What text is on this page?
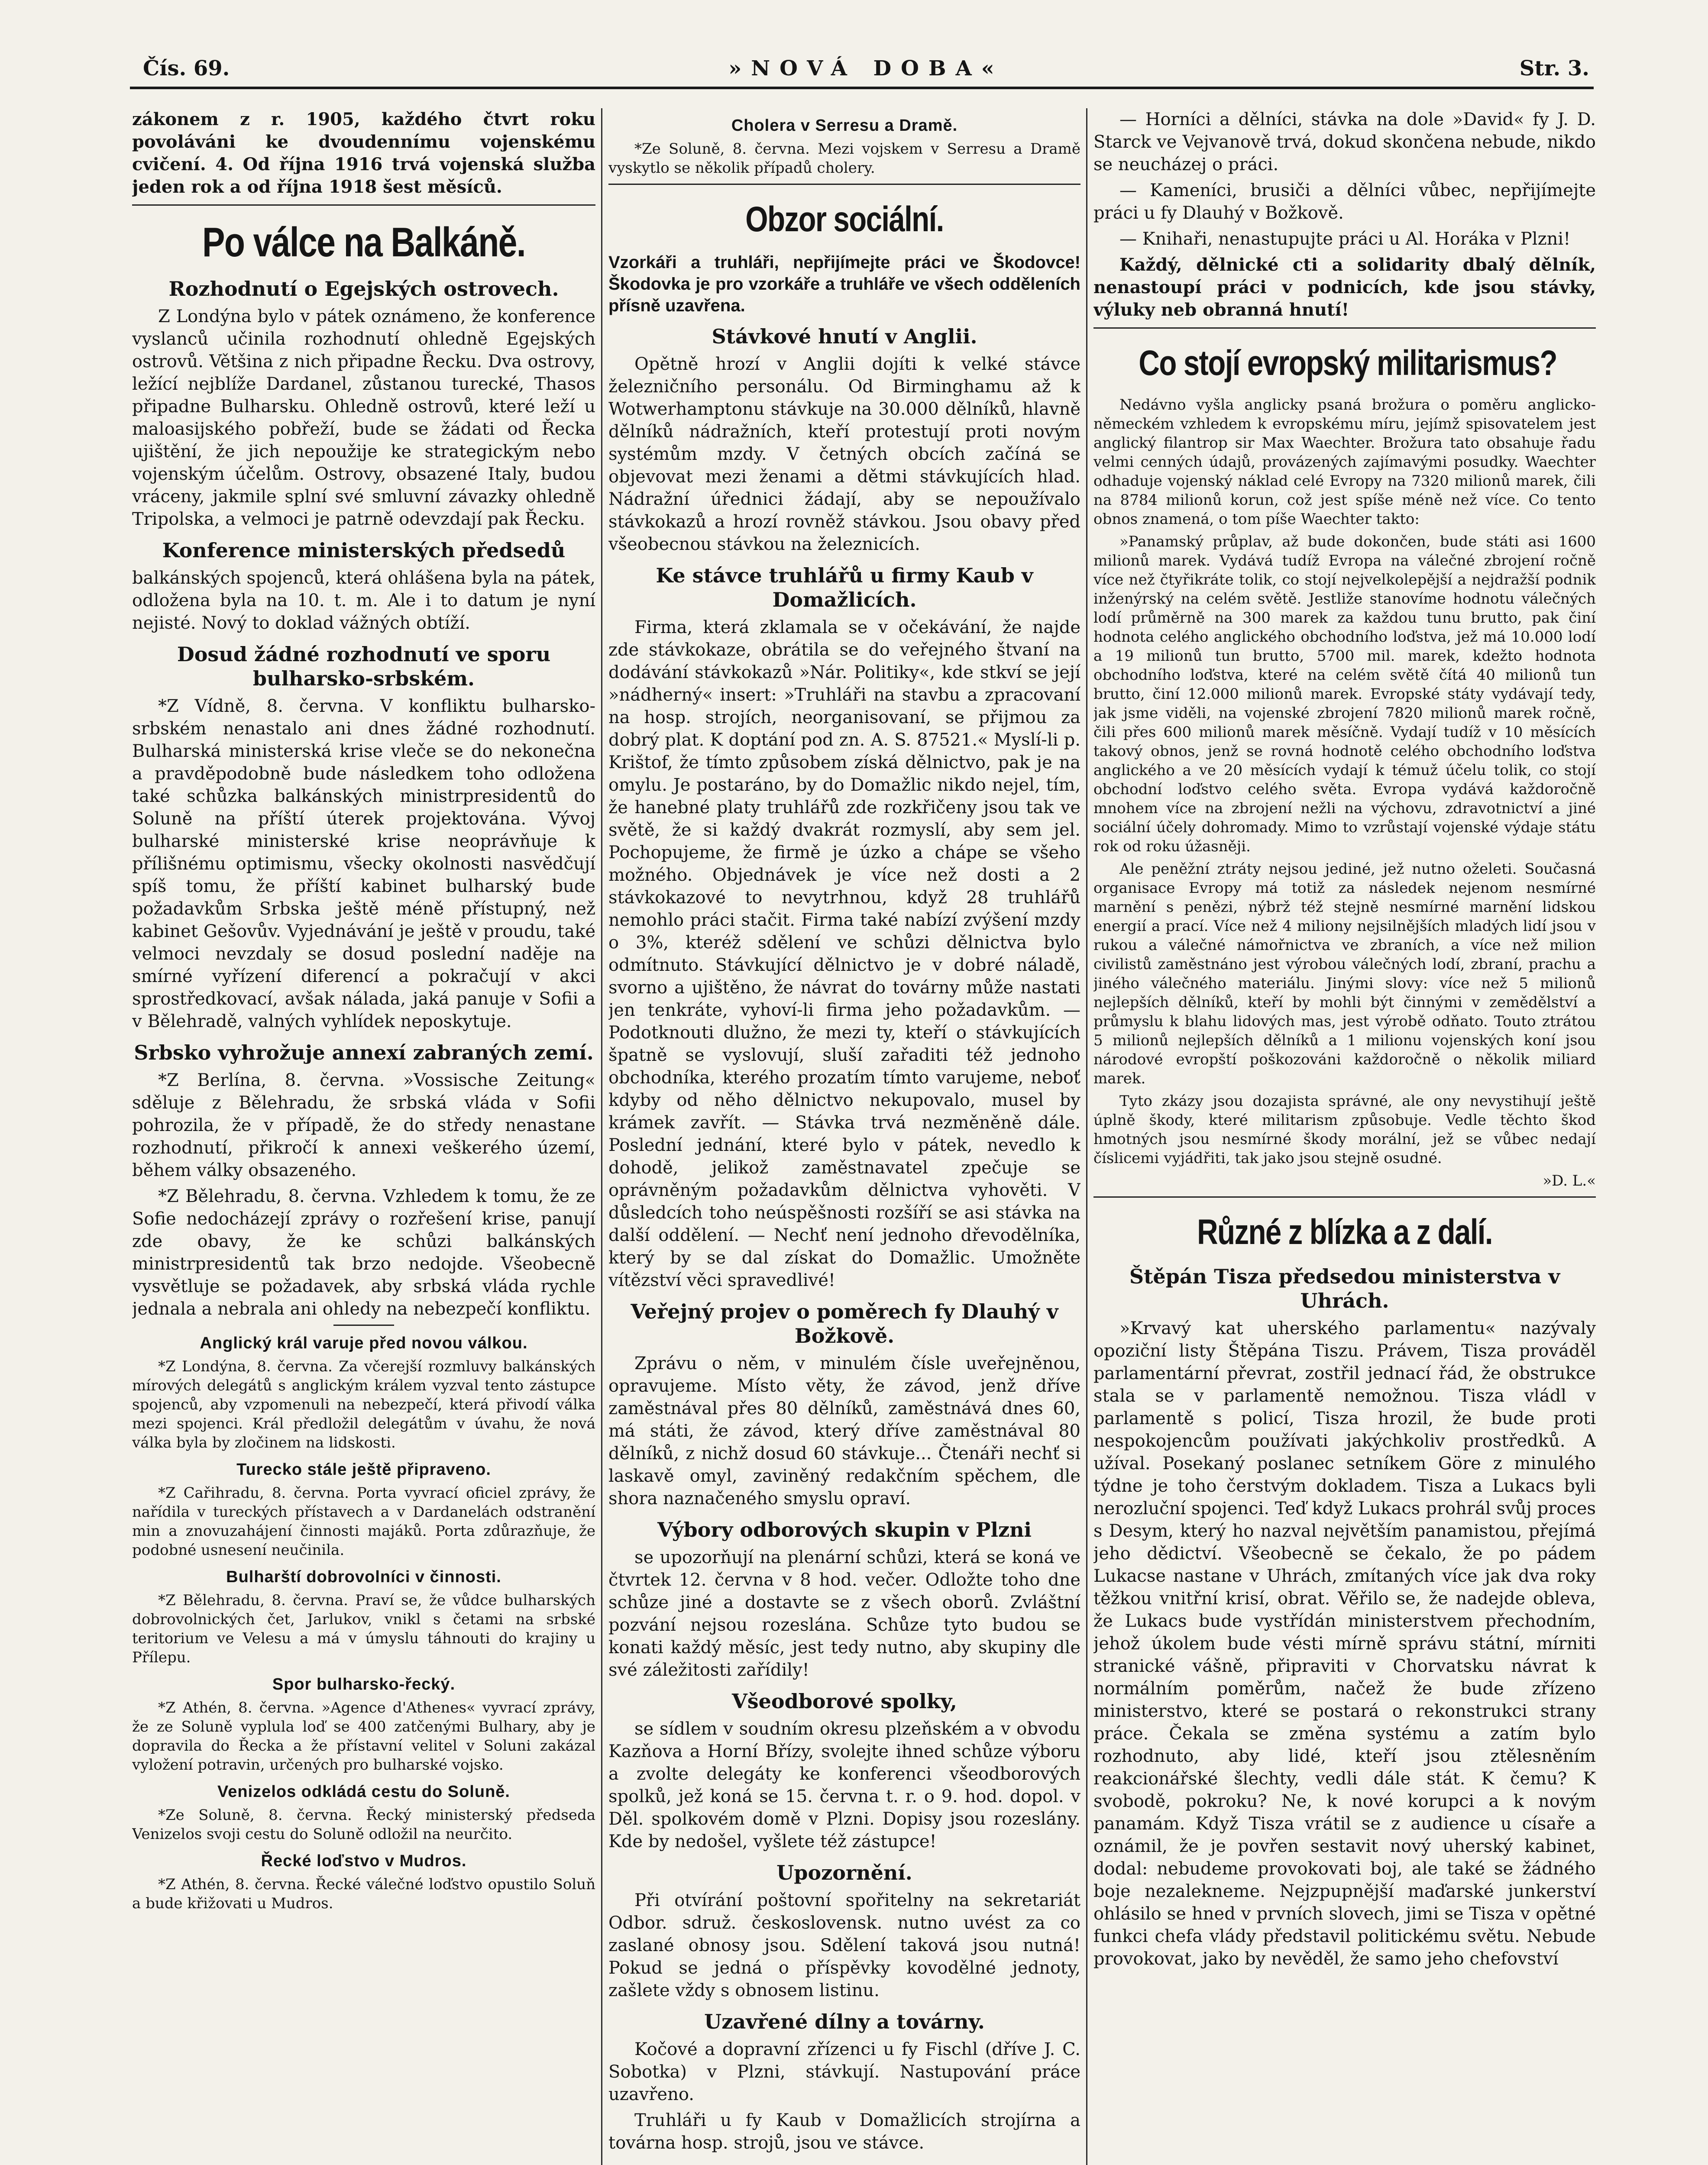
Čís. 69.	»NOVÁ DOBA«	Str. 3.

zákonem z r. 1905, každého čtvrt roku povoláváni ke dvoudennímu vojenskému cvičení. 4. Od října 1916 trvá vojenská služba jeden rok a od října 1918 šest měsíců.

Po válce na Balkáně.
Rozhodnutí o Egejských ostrovech.

Z Londýna bylo v pátek oznámeno, že konference vyslanců učinila rozhodnutí ohledně Egejských ostrovů. Většina z nich připadne Řecku. Dva ostrovy, ležící nejblíže Dardanel, zůstanou turecké, Thasos připadne Bulharsku. Ohledně ostrovů, které leží u maloasijského pobřeží, bude se žádati od Řecka ujištění, že jich nepoužije ke strategickým nebo vojenským účelům. Ostrovy, obsazené Italy, budou vráceny, jakmile splní své smluvní závazky ohledně Tripolska, a velmoci je patrně odevzdají pak Řecku.

Konference ministerských předsedů

balkánských spojenců, která ohlášena byla na pátek, odložena byla na 10. t. m. Ale i to datum je nyní nejisté. Nový to doklad vážných obtíží.

Dosud žádné rozhodnutí ve sporu bulharsko-srbském.

*Z Vídně, 8. června. V konfliktu bulharsko-srbském nenastalo ani dnes žádné rozhodnutí. Bulharská ministerská krise vleče se do nekonečna a pravděpodobně bude následkem toho odložena také schůzka balkánských ministrpresidentů do Soluně na příští úterek projektována. Vývoj bulharské ministerské krise neoprávňuje k přílišnému optimismu, všecky okolnosti nasvědčují spíš tomu, že příští kabinet bulharský bude požadavkům Srbska ještě méně přístupný, než kabinet Gešovův. Vyjednávání je ještě v proudu, také velmoci nevzdaly se dosud poslední naděje na smírné vyřízení diferencí a pokračují v akci sprostředkovací, avšak nálada, jaká panuje v Sofii a v Bělehradě, valných vyhlídek neposkytuje.

Srbsko vyhrožuje annexí zabraných zemí.

*Z Berlína, 8. června. »Vossische Zeitung« sděluje z Bělehradu, že srbská vláda v Sofii pohrozila, že v případě, že do středy nenastane rozhodnutí, přikročí k annexi veškerého území, během války obsazeného.

*Z Bělehradu, 8. června. Vzhledem k tomu, že ze Sofie nedocházejí zprávy o rozřešení krise, panují zde obavy, že ke schůzi balkánských ministrpresidentů tak brzo nedojde. Všeobecně vysvětluje se požadavek, aby srbská vláda rychle jednala a nebrala ani ohledy na nebezpečí konfliktu.

Anglický král varuje před novou válkou.

*Z Londýna, 8. června. Za včerejší rozmluvy balkánských mírových delegátů s anglickým králem vyzval tento zástupce spojenců, aby vzpomenuli na nebezpečí, která přivodí válka mezi spojenci. Král předložil delegátům v úvahu, že nová válka byla by zločinem na lidskosti.

Turecko stále ještě připraveno.

*Z Cařihradu, 8. června. Porta vyvrací oficiel zprávy, že nařídila v tureckých přístavech a v Dardanelách odstranění min a znovuzahájení činnosti majáků. Porta zdůrazňuje, že podobné usnesení neučinila.

Bulharští dobrovolníci v činnosti.

*Z Bělehradu, 8. června. Praví se, že vůdce bulharských dobrovolnických čet, Jarlukov, vnikl s četami na srbské teritorium ve Velesu a má v úmyslu táhnouti do krajiny u Přílepu.

Spor bulharsko-řecký.

*Z Athén, 8. června. »Agence d'Athenes« vyvrací zprávy, že ze Soluně vyplula loď se 400 zatčenými Bulhary, aby je dopravila do Řecka a že přístavní velitel v Soluni zakázal vyložení potravin, určených pro bulharské vojsko.

Venizelos odkládá cestu do Soluně.

*Ze Soluně, 8. června. Řecký ministerský předseda Venizelos svoji cestu do Soluně odložil na neurčito.

Řecké loďstvo v Mudros.

*Z Athén, 8. června. Řecké válečné loďstvo opustilo Soluň a bude křižovati u Mudros.

Cholera v Serresu a Dramě.

*Ze Soluně, 8. června. Mezi vojskem v Serresu a Dramě vyskytlo se několik případů cholery.

Obzor sociální.

Vzorkáři a truhláři, nepřijímejte práci ve Škodovce! Škodovka je pro vzorkáře a truhláře ve všech odděleních přísně uzavřena.

Stávkové hnutí v Anglii.

Opětně hrozí v Anglii dojíti k velké stávce železničního personálu. Od Birminghamu až k Wotwerhamptonu stávkuje na 30.000 dělníků, hlavně dělníků nádražních, kteří protestují proti novým systémům mzdy. V četných obcích začíná se objevovat mezi ženami a dětmi stávkujících hlad. Nádražní úřednici žádají, aby se nepoužívalo stávkokazů a hrozí rovněž stávkou. Jsou obavy před všeobecnou stávkou na železnicích.

Ke stávce truhlářů u firmy Kaub v Domažlicích.

Firma, která zklamala se v očekávání, že najde zde stávkokaze, obrátila se do veřejného štvaní na dodávání stávkokazů »Nár. Politiky«, kde stkví se její »nádherný« insert: »Truhláři na stavbu a zpracovaní na hosp. strojích, neorganisovaní, se přijmou za dobrý plat. K doptání pod zn. A. S. 87521.« Myslí-li p. Krištof, že tímto způsobem získá dělnictvo, pak je na omylu. Je postaráno, by do Domažlic nikdo nejel, tím, že hanebné platy truhlářů zde rozkřičeny jsou tak ve světě, že si každý dvakrát rozmyslí, aby sem jel. Pochopujeme, že firmě je úzko a chápe se všeho možného. Objednávek je více než dosti a 2 stávkokazové to nevytrhnou, když 28 truhlářů nemohlo práci stačit. Firma také nabízí zvýšení mzdy o 3%, kteréž sdělení ve schůzi dělnictva bylo odmítnuto. Stávkující dělnictvo je v dobré náladě, svorno a ujištěno, že návrat do továrny může nastati jen tenkráte, vyhoví-li firma jeho požadavkům. — Podotknouti dlužno, že mezi ty, kteří o stávkujících špatně se vyslovují, sluší zařaditi též jednoho obchodníka, kterého prozatím tímto varujeme, neboť kdyby od něho dělnictvo nekupovalo, musel by krámek zavřít. — Stávka trvá nezměněně dále. Poslední jednání, které bylo v pátek, nevedlo k dohodě, jelikož zaměstnavatel zpečuje se oprávněným požadavkům dělnictva vyhověti. V důsledcích toho neúspěšnosti rozšíří se asi stávka na další oddělení. — Nechť není jednoho dřevodělníka, který by se dal získat do Domažlic. Umožněte vítězství věci spravedlivé!

Veřejný projev o poměrech fy Dlauhý v Božkově.

Zprávu o něm, v minulém čísle uveřejněnou, opravujeme. Místo věty, že závod, jenž dříve zaměstnával přes 80 dělníků, zaměstnává dnes 60, má státi, že závod, který dříve zaměstnával 80 dělníků, z nichž dosud 60 stávkuje... Čtenáři nechť si laskavě omyl, zaviněný redakčním spěchem, dle shora naznačeného smyslu opraví.

Výbory odborových skupin v Plzni

se upozorňují na plenární schůzi, která se koná ve čtvrtek 12. června v 8 hod. večer. Odložte toho dne schůze jiné a dostavte se z všech oborů. Zvláštní pozvání nejsou rozeslána. Schůze tyto budou se konati každý měsíc, jest tedy nutno, aby skupiny dle své záležitosti zařídily!

Všeodborové spolky,

se sídlem v soudním okresu plzeňském a v obvodu Kazňova a Horní Břízy, svolejte ihned schůze výboru a zvolte delegáty ke konferenci všeodborových spolků, jež koná se 15. června t. r. o 9. hod. dopol. v Děl. spolkovém domě v Plzni. Dopisy jsou rozeslány. Kde by nedošel, vyšlete též zástupce!

Upozornění.

Při otvírání poštovní spořitelny na sekretariát Odbor. sdruž. československ. nutno uvést za co zaslané obnosy jsou. Sdělení taková jsou nutná! Pokud se jedná o příspěvky kovodělné jednoty, zašlete vždy s obnosem listinu.

Uzavřené dílny a továrny.

Kočové a dopravní zřízenci u fy Fischl (dříve J. C. Sobotka) v Plzni, stávkují. Nastupování práce uzavřeno.

Truhláři u fy Kaub v Domažlicích strojírna a továrna hosp. strojů, jsou ve stávce.

— Horníci a dělníci, stávka na dole »David« fy J. D. Starck ve Vejvanově trvá, dokud skončena nebude, nikdo se neucházej o práci.

— Kameníci, brusiči a dělníci vůbec, nepřijímejte práci u fy Dlauhý v Božkově.

— Knihaři, nenastupujte práci u Al. Horáka v Plzni!

Každý, dělnické cti a solidarity dbalý dělník, nenastoupí práci v podnicích, kde jsou stávky, výluky neb obranná hnutí!

Co stojí evropský militarismus?

Nedávno vyšla anglicky psaná brožura o poměru anglicko-německém vzhledem k evropskému míru, jejímž spisovatelem jest anglický filantrop sir Max Waechter. Brožura tato obsahuje řadu velmi cenných údajů, provázených zajímavými posudky. Waechter odhaduje vojenský náklad celé Evropy na 7320 milionů marek, čili na 8784 milionů korun, což jest spíše méně než více. Co tento obnos znamená, o tom píše Waechter takto:

»Panamský průplav, až bude dokončen, bude státi asi 1600 milionů marek. Vydává tudíž Evropa na válečné zbrojení ročně více než čtyřikráte tolik, co stojí nejvelkolepější a nejdražší podnik inženýrský na celém světě. Jestliže stanovíme hodnotu válečných lodí průměrně na 300 marek za každou tunu brutto, pak činí hodnota celého anglického obchodního loďstva, jež má 10.000 lodí a 19 milionů tun brutto, 5700 mil. marek, kdežto hodnota obchodního loďstva, které na celém světě čítá 40 milionů tun brutto, činí 12.000 milionů marek. Evropské státy vydávají tedy, jak jsme viděli, na vojenské zbrojení 7820 milionů marek ročně, čili přes 600 milionů marek měsíčně. Vydají tudíž v 10 měsících takový obnos, jenž se rovná hodnotě celého obchodního loďstva anglického a ve 20 měsících vydají k témuž účelu tolik, co stojí obchodní loďstvo celého světa. Evropa vydává každoročně mnohem více na zbrojení nežli na výchovu, zdravotnictví a jiné sociální účely dohromady. Mimo to vzrůstají vojenské výdaje státu rok od roku úžasněji.

Ale peněžní ztráty nejsou jediné, jež nutno oželeti. Současná organisace Evropy má totiž za následek nejenom nesmírné marnění s penězi, nýbrž též stejně nesmírné marnění lidskou energií a prací. Více než 4 miliony nejsilnějších mladých lidí jsou v rukou a válečné námořnictva ve zbraních, a více než milion civilistů zaměstnáno jest výrobou válečných lodí, zbraní, prachu a jiného válečného materiálu. Jinými slovy: více než 5 milionů nejlepších dělníků, kteří by mohli být činnými v zemědělství a průmyslu k blahu lidových mas, jest výrobě odňato. Touto ztrátou 5 milionů nejlepších dělníků a 1 milionu vojenských koní jsou národové evropští poškozováni každoročně o několik miliard marek.

Tyto zkázy jsou dozajista správné, ale ony nevystihují ještě úplně škody, které militarism způsobuje. Vedle těchto škod hmotných jsou nesmírné škody morální, jež se vůbec nedají číslicemi vyjádřiti, tak jako jsou stejně osudné.

»D. L.«
Různé z blízka a z dalí.
Štěpán Tisza předsedou ministerstva v Uhrách.

»Krvavý kat uherského parlamentu« nazývaly opoziční listy Štěpána Tiszu. Právem, Tisza prováděl parlamentární převrat, zostřil jednací řád, že obstrukce stala se v parlamentě nemožnou. Tisza vládl v parlamentě s policí, Tisza hrozil, že bude proti nespokojencům používati jakýchkoliv prostředků. A užíval. Posekaný poslanec setníkem Göre z minulého týdne je toho čerstvým dokladem. Tisza a Lukacs byli nerozluční spojenci. Teď když Lukacs prohrál svůj proces s Desym, který ho nazval největším panamistou, přejímá jeho dědictví. Všeobecně se čekalo, že po pádem Lukacse nastane v Uhrách, zmítaných více jak dva roky těžkou vnitřní krisí, obrat. Věřilo se, že nadejde obleva, že Lukacs bude vystřídán ministerstvem přechodním, jehož úkolem bude vésti mírně správu státní, mírniti stranické vášně, připraviti v Chorvatsku návrat k normálním poměrům, načež že bude zřízeno ministerstvo, které se postará o rekonstrukci strany práce. Čekala se změna systému a zatím bylo rozhodnuto, aby lidé, kteří jsou ztělesněním reakcionářské šlechty, vedli dále stát. K čemu? K svobodě, pokroku? Ne, k nové korupci a k novým panamám. Když Tisza vrátil se z audience u císaře a oznámil, že je povřen sestavit nový uherský kabinet, dodal: nebudeme provokovati boj, ale také se žádného boje nezalekneme. Nejzpupnější maďarské junkerství ohlásilo se hned v prvních slovech, jimi se Tisza v opětné funkci chefa vlády představil politickému světu. Nebude provokovat, jako by nevěděl, že samo jeho chefovství
